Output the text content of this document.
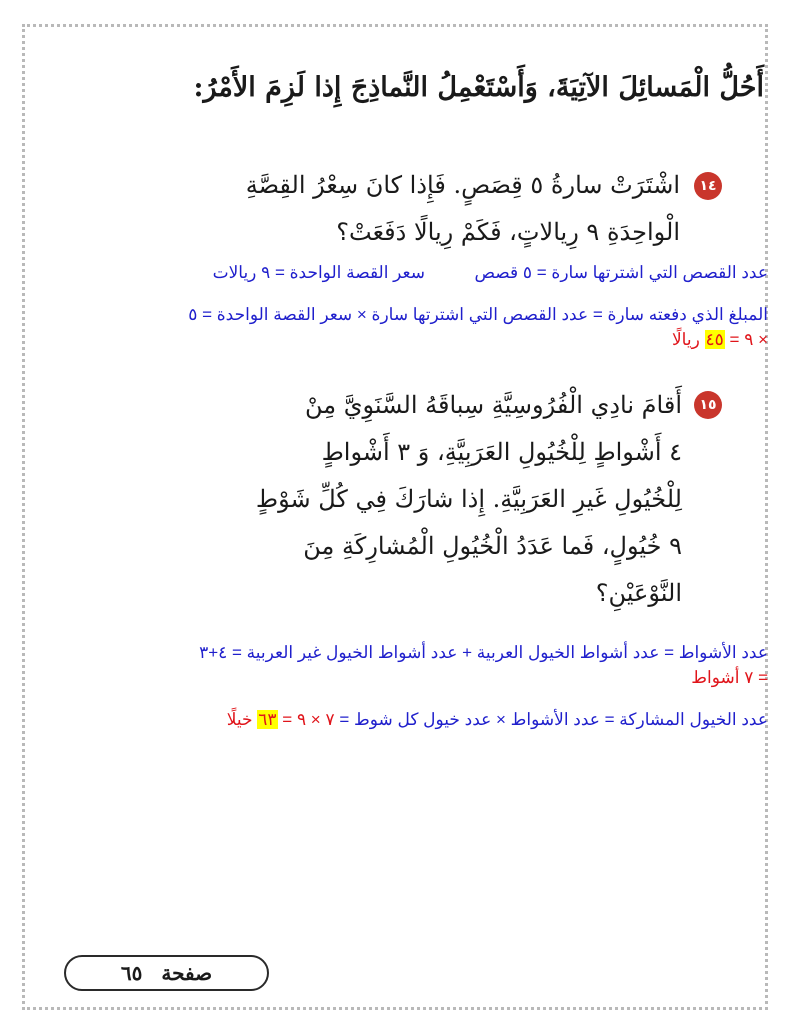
أَحُلُّ الْمَسائِلَ الآتِيَةَ، وَأَسْتَعْمِلُ النَّماذِجَ إِذا لَزِمَ الأَمْرُ:
١٤
اشْتَرَتْ سارةُ ٥ قِصَصٍ. فَإِذا كانَ سِعْرُ القِصَّةِ
الْواحِدَةِ ٩ رِيالاتٍ، فَكَمْ رِيالًا دَفَعَتْ؟
عدد القصص التي اشترتها سارة = ٥ قصص  سعر القصة الواحدة = ٩ ريالات
المبلغ الذي دفعته سارة = عدد القصص التي اشترتها سارة × سعر القصة الواحدة = ٥
× ٩ = ٤٥ ريالًا
١٥
أَقامَ نادِي الْفُرُوسِيَّةِ سِباقَهُ السَّنَوِيَّ مِنْ
٤ أَشْواطٍ لِلْخُيُولِ العَرَبِيَّةِ، وَ ٣ أَشْواطٍ
لِلْخُيُولِ غَيرِ العَرَبِيَّةِ. إِذا شارَكَ فِي كُلِّ شَوْطٍ
٩ خُيُولٍ، فَما عَدَدُ الْخُيُولِ الْمُشارِكَةِ مِنَ
النَّوْعَيْنِ؟
عدد الأشواط = عدد أشواط الخيول العربية + عدد أشواط الخيول غير العربية = ٤+٣
= ٧ أشواط
عدد الخيول المشاركة = عدد الأشواط × عدد خيول كل شوط = ٧ × ٩ = ٦٣ خيلًا
صفحة ٦٥
